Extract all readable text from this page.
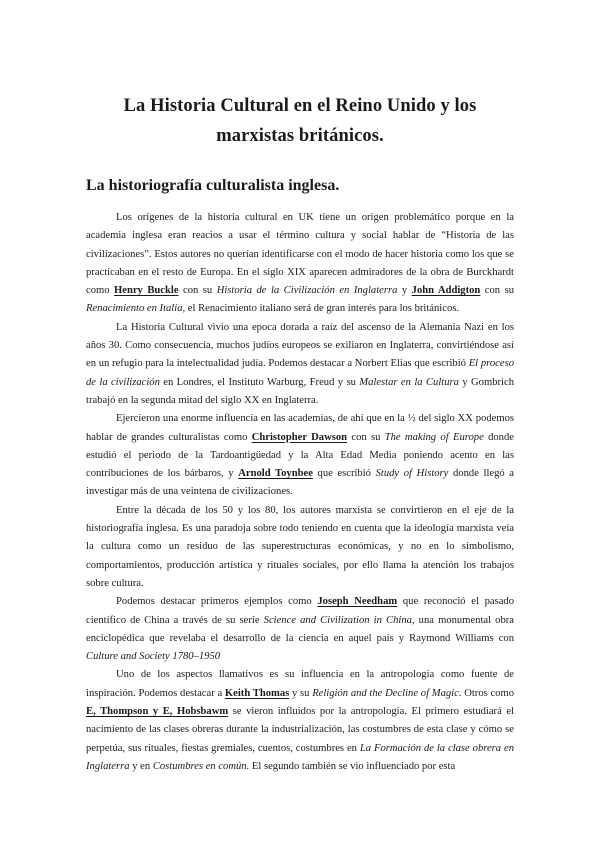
La Historia Cultural en el Reino Unido y los
marxistas británicos.
La historiografía culturalista inglesa.

Los orígenes de la historia cultural en UK tiene un origen problemático porque en la academia inglesa eran reacios a usar el término cultura y social hablar de “Historia de las civilizaciones”. Estos autores no querían identificarse con el modo de hacer historia como los que se practicaban en el resto de Europa. En el siglo XIX aparecen admiradores de la obra de Burckhardt como Henry Buckle con su Historia de la Civilización en Inglaterra y John Addigton con su Renacimiento en Italia, el Renacimiento italiano será de gran interés para los británicos.

La Historia Cultural vivio una epoca dorada a raíz del ascenso de la Alemania Nazi en los años 30. Como consecuencia, muchos judíos europeos se exiliaron en Inglaterra, convirtiéndose así en un refugio para la intelectualidad judía. Podemos destacar a Norbert Elias que escribió El proceso de la civilización en Londres, el Instituto Warburg, Freud y su Malestar en la Cultura y Gombrich trabajó en la segunda mitad del siglo XX en Inglaterra.

Ejercieron una enorme influencia en las academias, de ahí que en la ½ del siglo XX podemos hablar de grandes culturalistas como Christopher Dawson con su The making of Europe donde estudió el periodo de la Tardoantigüedad y la Alta Edad Media poniendo acento en las contribuciones de los bárbaros, y Arnold Toynbee que escribió Study of History donde llegó a investigar más de una veintena de civilizaciones.

Entre la década de los 50 y los 80, los autores marxista se convirtieron en el eje de la historiografía inglesa. Es una paradoja sobre todo teniendo en cuenta que la ideología marxista veía la cultura como un residuo de las superestructuras económicas, y no en lo simbolismo, comportamientos, producción artística y rituales sociales, por ello llama la atención los trabajos sobre cultura.

Podemos destacar primeros ejemplos como Joseph Needham que reconoció el pasado científico de China a través de su serie Science and Civilization in China, una monumental obra enciclopédica que revelaba el desarrollo de la ciencia en aquel país y Raymond Williams con Culture and Society 1780–1950

Uno de los aspectos llamativos es su influencia en la antropología como fuente de inspiración. Podemos destacar a Keith Thomas y su Religión and the Decline of Magic. Otros como E, Thompson y E, Hobsbawm se vieron influidos por la antropología. El primero estudiará el nacimiento de las clases obreras durante la industrialización, las costumbres de esta clase y cómo se perpetúa, sus rituales, fiestas gremiales, cuentos, costumbres en La Formación de la clase obrera en Inglaterra y en Costumbres en común. El segundo también se vio influenciado por esta
